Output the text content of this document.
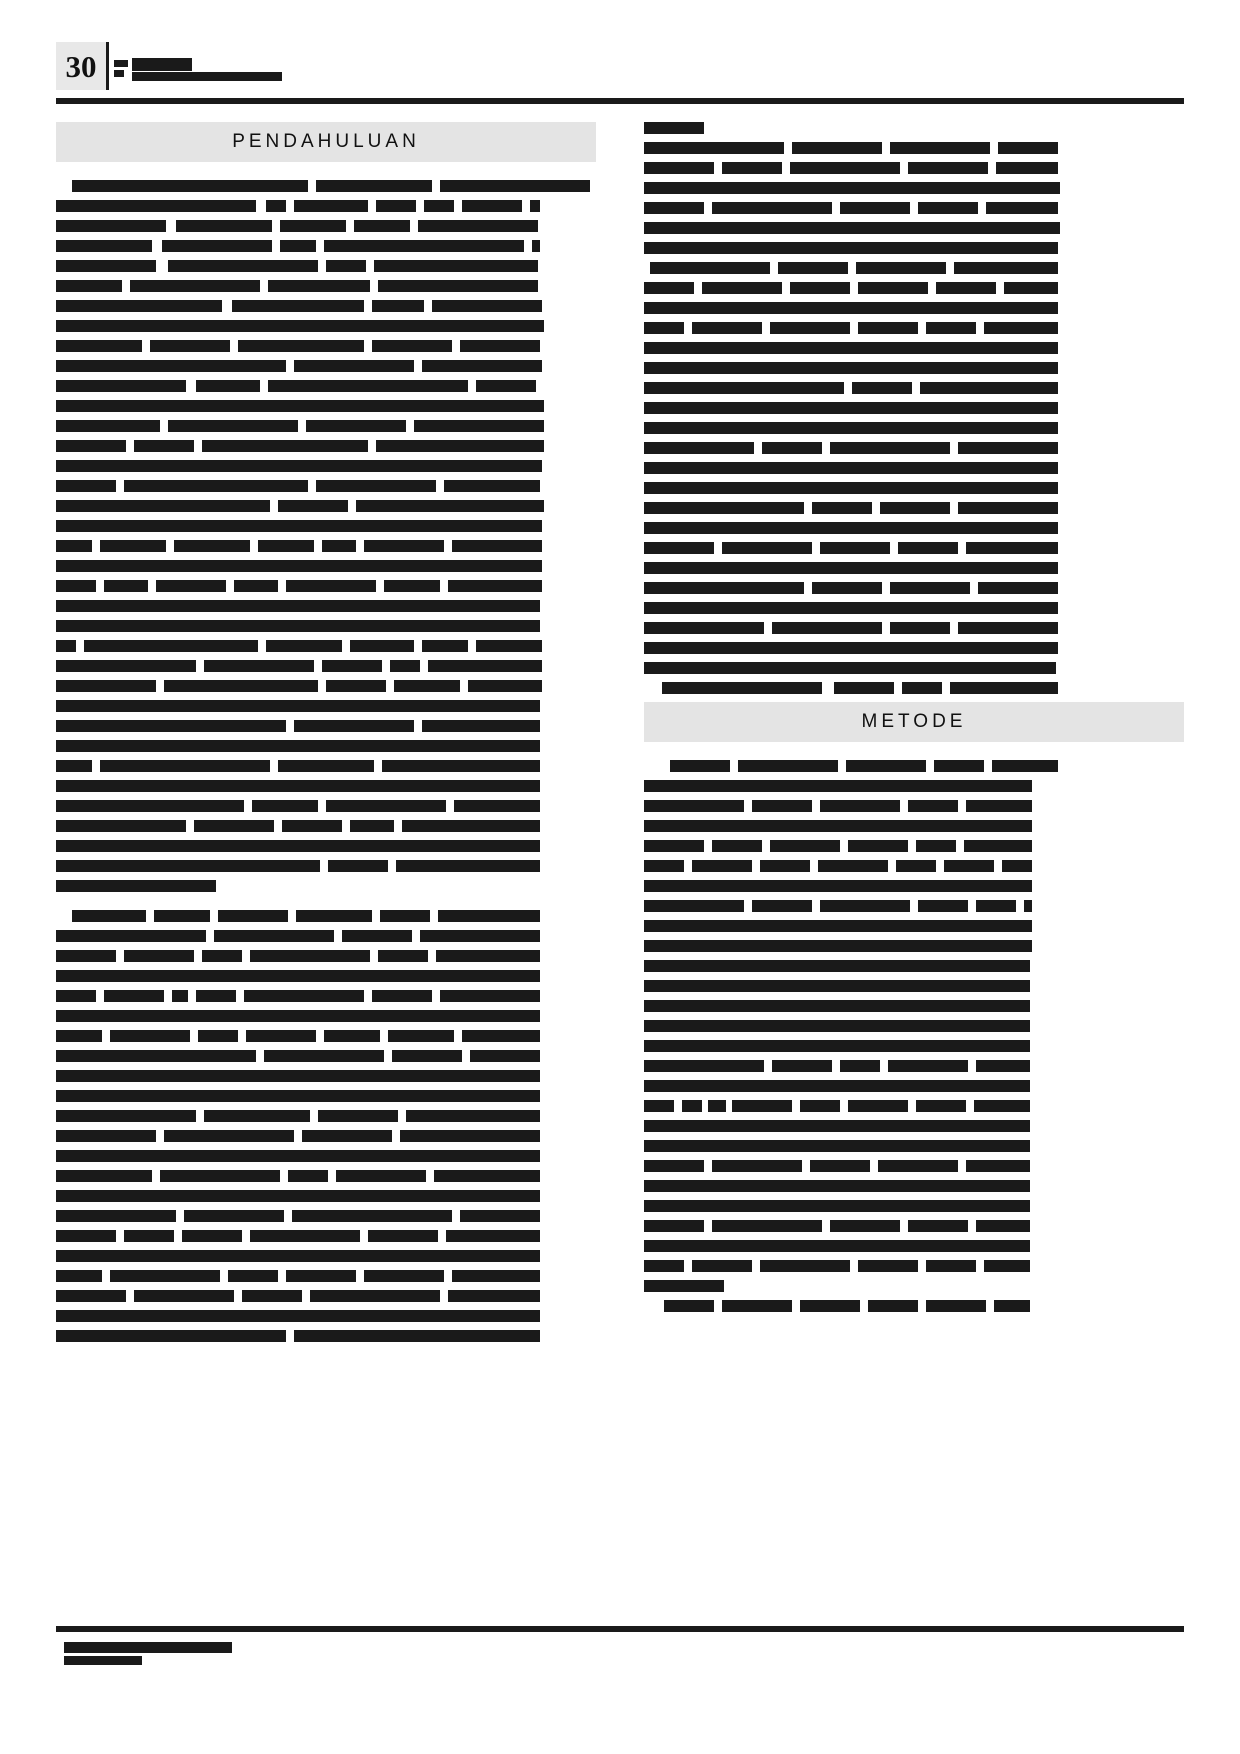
30
PENDAHULUAN
METODE
